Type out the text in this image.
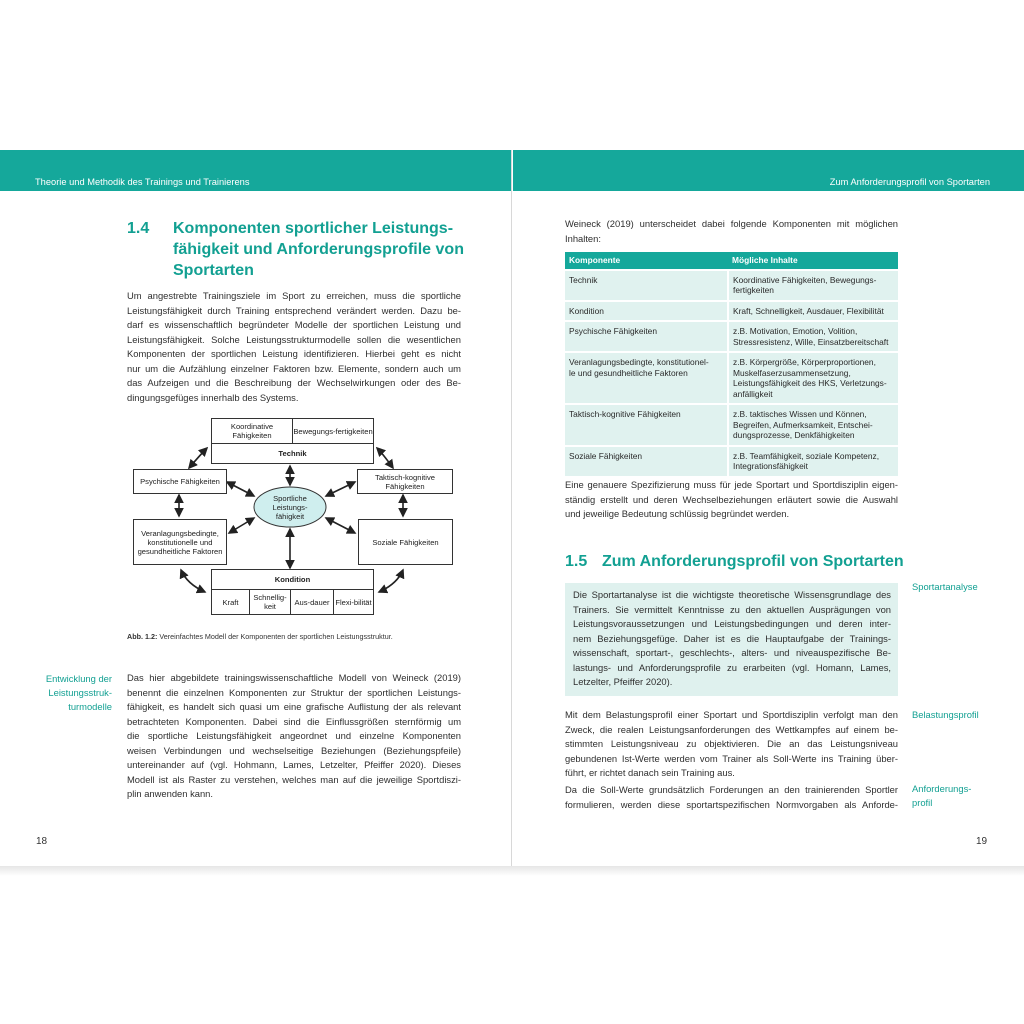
Theorie und Methodik des Trainings und Trainierens	Zum Anforderungsprofil von Sportarten
1.4 Komponenten sportlicher Leistungs-
fähigkeit und Anforderungsprofile von
Sportarten
Um angestrebte Trainingsziele im Sport zu erreichen, muss die sportliche
Leistungsfähigkeit durch Training entsprechend verändert werden. Dazu be-
darf es wissenschaftlich begründeter Modelle der sportlichen Leistung und
Leistungsfähigkeit. Solche Leistungsstrukturmodelle sollen die wesentlichen
Komponenten der sportlichen Leistung identifizieren. Hierbei geht es nicht
nur um die Aufzählung einzelner Faktoren bzw. Elemente, sondern auch um
das Aufzeigen und die Beschreibung der Wechselwirkungen oder des Be-
dingungsgefüges innerhalb des Systems.
Koordinative Fähigkeiten	Bewegungs-fertigkeiten
Technik
Psychische Fähigkeiten	Taktisch-kognitive Fähigkeiten
Sportliche Leistungs-fähigkeit
Veranlagungsbedingte, konstitutionelle und gesundheitliche Faktoren
Soziale Fähigkeiten
Kondition
Kraft	Schnellig-keit	Aus-dauer Flexi-bilität
Abb. 1.2: Vereinfachtes Modell der Komponenten der sportlichen Leistungsstruktur.
Entwicklung der
Leistungsstruk-
turmodelle
Das hier abgebildete trainingswissenschaftliche Modell von Weineck (2019)
benennt die einzelnen Komponenten zur Struktur der sportlichen Leistungs-
fähigkeit, es handelt sich quasi um eine grafische Auflistung der als relevant
betrachteten Komponenten. Dabei sind die Einflussgrößen sternförmig um
die sportliche Leistungsfähigkeit angeordnet und einzelne Komponenten
weisen Verbindungen und wechselseitige Beziehungen (Beziehungspfeile)
untereinander auf (vgl. Hohmann, Lames, Letzelter, Pfeiffer 2020). Dieses
Modell ist als Raster zu verstehen, welches man auf die jeweilige Sportdiszi-
plin anwenden kann.
18
Weineck (2019) unterscheidet dabei folgende Komponenten mit möglichen
Inhalten:
Komponente	Mögliche Inhalte

Technik	Koordinative Fähigkeiten, Bewegungs-
fertigkeiten

Kondition	Kraft, Schnelligkeit, Ausdauer, Flexibilität

Psychische Fähigkeiten	z.B. Motivation, Emotion, Volition,
Stressresistenz, Wille, Einsatzbereitschaft

Veranlagungsbedingte, konstitutionel-
le und gesundheitliche Faktoren	z.B. Körpergröße, Körperproportionen,
Muskelfaserzusammensetzung,
Leistungsfähigkeit des HKS, Verletzungs-
anfälligkeit

Taktisch-kognitive Fähigkeiten	z.B. taktisches Wissen und Können,
Begreifen, Aufmerksamkeit, Entschei-
dungsprozesse, Denkfähigkeiten

Soziale Fähigkeiten	z.B. Teamfähigkeit, soziale Kompetenz,
Integrationsfähigkeit
Eine genauere Spezifizierung muss für jede Sportart und Sportdisziplin eigen-
ständig erstellt und deren Wechselbeziehungen erläutert sowie die Auswahl
und jeweilige Bedeutung schlüssig begründet werden.
1.5 Zum Anforderungsprofil von Sportarten
Die Sportartanalyse ist die wichtigste theoretische Wissensgrundlage des
Trainers. Sie vermittelt Kenntnisse zu den aktuellen Ausprägungen von
Leistungsvoraussetzungen und Leistungsbedingungen und deren inter-
nem Beziehungsgefüge. Daher ist es die Hauptaufgabe der Trainings-
wissenschaft, sportart-, geschlechts-, alters- und niveauspezifische Be-
lastungs- und Anforderungsprofile zu erarbeiten (vgl. Homann, Lames,
Letzelter, Pfeiffer 2020).
Sportartanalyse
Mit dem Belastungsprofil einer Sportart und Sportdisziplin verfolgt man den
Zweck, die realen Leistungsanforderungen des Wettkampfes auf einem be-
stimmten Leistungsniveau zu objektivieren. Die an das Leistungsniveau
gebundenen Ist-Werte werden vom Trainer als Soll-Werte ins Training über-
führt, er richtet danach sein Training aus.
Belastungsprofil
Da die Soll-Werte grundsätzlich Forderungen an den trainierenden Sportler
formulieren, werden diese sportartspezifischen Normvorgaben als Anforde-
Anforderungs-
profil
19
